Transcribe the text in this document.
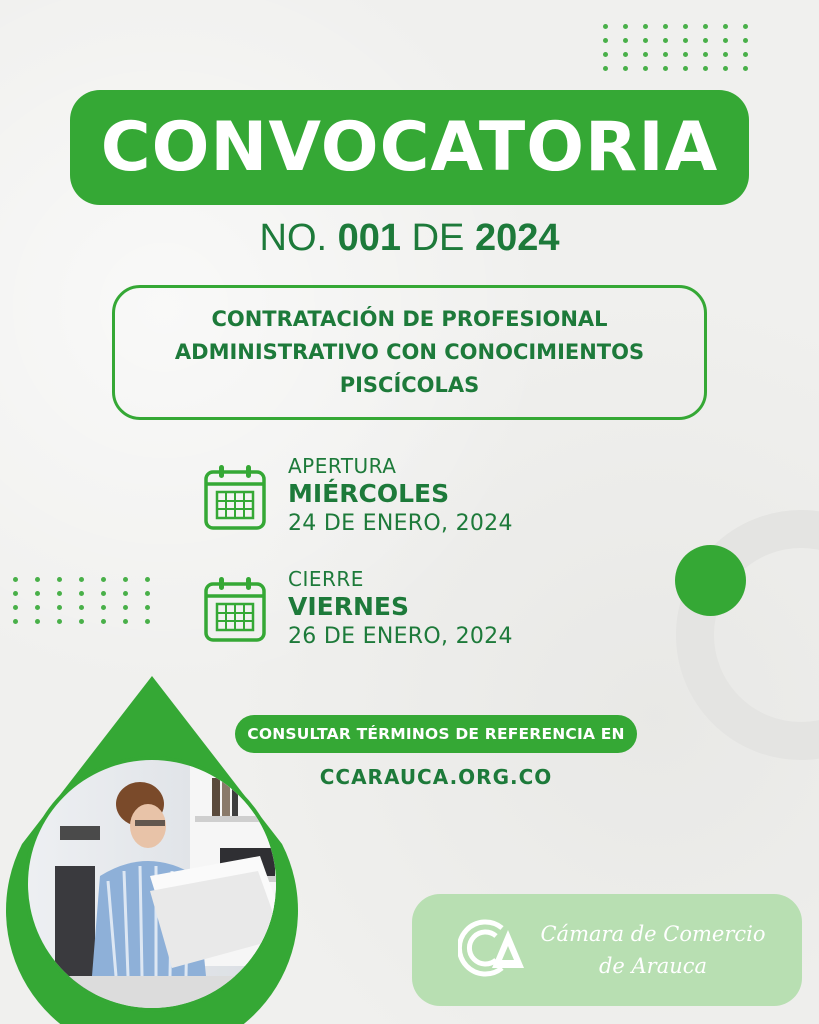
CONVOCATORIA
NO. 001 DE 2024
CONTRATACIÓN DE PROFESIONAL
ADMINISTRATIVO CON CONOCIMIENTOS
PISCÍCOLAS
APERTURA
MIÉRCOLES
24 DE ENERO, 2024
CIERRE
VIERNES
26 DE ENERO, 2024
CONSULTAR TÉRMINOS DE REFERENCIA EN
CCARAUCA.ORG.CO
Cámara de Comercio
de Arauca
